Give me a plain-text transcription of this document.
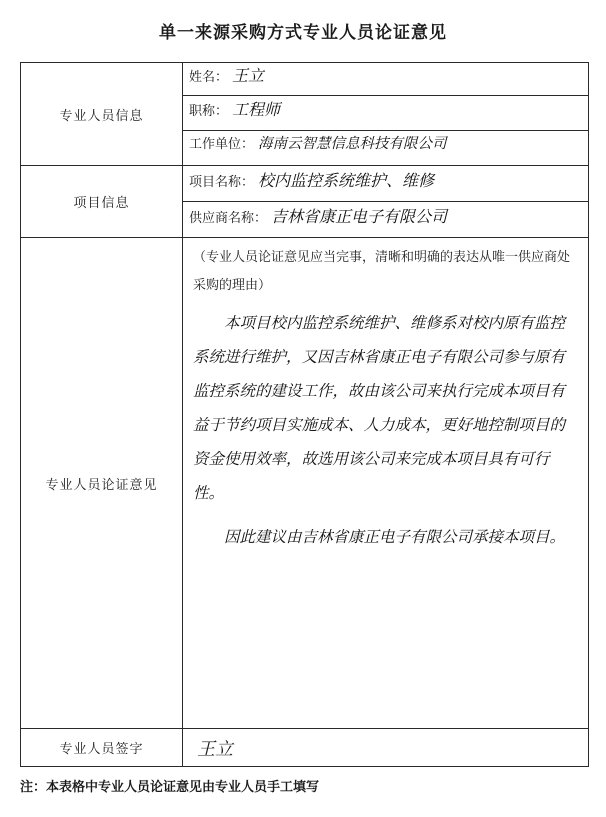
单一来源采购方式专业人员论证意见
专业人员信息	姓名： 王立

	职称： 工程师

	工作单位： 海南云智慧信息科技有限公司

项目信息	项目名称： 校内监控系统维护、维修

	供应商名称： 吉林省康正电子有限公司

专业人员论证意见	（专业人员论证意见应当完事，清晰和明确的表达从唯一供应商处采购的理由）

本项目校内监控系统维护、维修系对校内原有监控系统进行维护，又因吉林省康正电子有限公司参与原有监控系统的建设工作，故由该公司来执行完成本项目有益于节约项目实施成本、人力成本，更好地控制项目的资金使用效率，故选用该公司来完成本项目具有可行性。

因此建议由吉林省康正电子有限公司承接本项目。

专业人员签字	王立
注：本表格中专业人员论证意见由专业人员手工填写
